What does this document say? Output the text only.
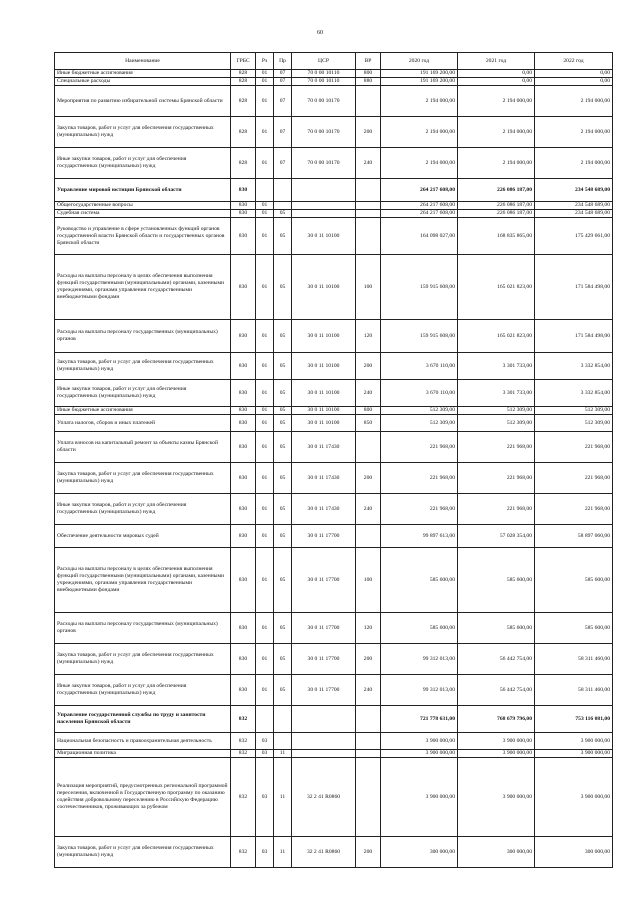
60
Наименование	ГРБС	Рз	Пр	ЦСР	ВР	2020 год	2021 год	2022 год
Иные бюджетные ассигнования	828	01	07	70 0 00 10110	800	191 169 200,00	0,00	0,00
Специальные расходы	828	01	07	70 0 00 10110	880	191 169 200,00	0,00	0,00
Мероприятия по развитию избирательной системы Брянской области	828	01	07	70 0 00 10170		2 194 000,00	2 194 000,00	2 194 000,00
Закупка товаров, работ и услуг для обеспечения государственных (муниципальных) нужд	828	01	07	70 0 00 10170	200	2 194 000,00	2 194 000,00	2 194 000,00
Иные закупки товаров, работ и услуг для обеспечения государственных (муниципальных) нужд	828	01	07	70 0 00 10170	240	2 194 000,00	2 194 000,00	2 194 000,00
Управление мировой юстиции Брянской области	830					264 217 608,00	226 086 187,00	234 548 689,00
Общегосударственные вопросы	830	01				264 217 608,00	226 086 187,00	234 548 689,00
Судебная система	830	01	05			264 217 608,00	226 086 187,00	234 548 689,00
Руководство и управление в сфере установленных функций органов государственной власти Брянской области и государственных органов Брянской области	830	01	05	30 0 11 10100		164 098 027,00	168 835 865,00	175 429 661,00
Расходы на выплаты персоналу в целях обеспечения выполнения функций государственными (муниципальными) органами, казенными учреждениями, органами управления государственными внебюджетными фондами	830	01	05	30 0 11 10100	100	159 915 608,00	165 021 823,00	171 584 498,00
Расходы на выплаты персоналу государственных (муниципальных) органов	830	01	05	30 0 11 10100	120	159 915 608,00	165 021 823,00	171 584 498,00
Закупка товаров, работ и услуг для обеспечения государственных (муниципальных) нужд	830	01	05	30 0 11 10100	200	3 670 110,00	3 301 733,00	3 332 854,00
Иные закупки товаров, работ и услуг для обеспечения государственных (муниципальных) нужд	830	01	05	30 0 11 10100	240	3 670 110,00	3 301 733,00	3 332 854,00
Иные бюджетные ассигнования	830	01	05	30 0 11 10100	800	512 309,00	512 309,00	512 309,00
Уплата налогов, сборов и иных платежей	830	01	05	30 0 11 10100	850	512 309,00	512 309,00	512 309,00
Уплата взносов на капитальный ремонт за объекты казны Брянской области	830	01	05	30 0 11 17430		221 968,00	221 968,00	221 968,00
Закупка товаров, работ и услуг для обеспечения государственных (муниципальных) нужд	830	01	05	30 0 11 17430	200	221 968,00	221 968,00	221 968,00
Иные закупки товаров, работ и услуг для обеспечения государственных (муниципальных) нужд	830	01	05	30 0 11 17430	240	221 968,00	221 968,00	221 968,00
Обеспечение деятельности мировых судей	830	01	05	30 0 11 17700		99 897 613,00	57 028 354,00	58 897 060,00
Расходы на выплаты персоналу в целях обеспечения выполнения функций государственными (муниципальными) органами, казенными учреждениями, органами управления государственными внебюджетными фондами	830	01	05	30 0 11 17700	100	585 600,00	585 600,00	585 600,00
Расходы на выплаты персоналу государственных (муниципальных) органов	830	01	05	30 0 11 17700	120	585 600,00	585 600,00	585 600,00
Закупка товаров, работ и услуг для обеспечения государственных (муниципальных) нужд	830	01	05	30 0 11 17700	200	99 312 013,00	56 442 754,00	58 311 460,00
Иные закупки товаров, работ и услуг для обеспечения государственных (муниципальных) нужд	830	01	05	30 0 11 17700	240	99 312 013,00	56 442 754,00	58 311 460,00
Управление государственной службы по труду и занятости населения Брянской области	832					721 778 631,00	768 679 796,00	753 116 081,00
Национальная безопасность и правоохранительная деятельность	832	03				3 900 000,00	3 900 000,00	3 900 000,00
Миграционная политика	832	03	11			3 900 000,00	3 900 000,00	3 900 000,00
Реализация мероприятий, предусмотренных региональной программой переселения, включенной в Государственную программу по оказанию содействия добровольному переселению в Российскую Федерацию соотечественников, проживающих за рубежом	832	03	11	32 2 41 R0860		3 900 000,00	3 900 000,00	3 900 000,00
Закупка товаров, работ и услуг для обеспечения государственных (муниципальных) нужд	832	03	11	32 2 41 R0860	200	300 000,00	300 000,00	300 000,00
